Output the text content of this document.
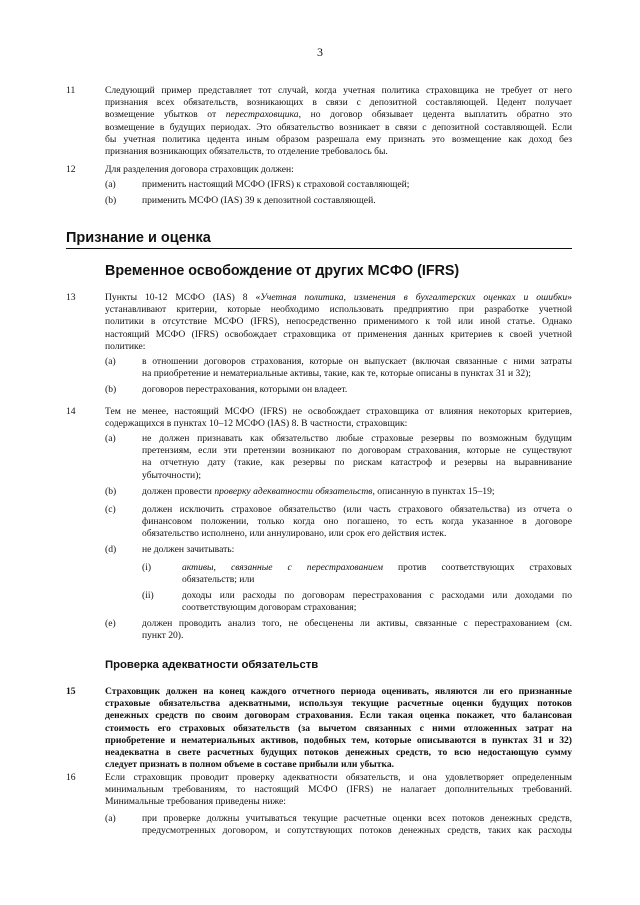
3
11	Следующий пример представляет тот случай, когда учетная политика страховщика не требует от него
признания всех обязательств, возникающих в связи с депозитной составляющей. Цедент получает
возмещение убытков от перестраховщика, но договор обязывает цедента выплатить обратно это
возмещение в будущих периодах. Это обязательство возникает в связи с депозитной составляющей. Если
бы учетная политика цедента иным образом разрешала ему признать это возмещение как доход без
признания возникающих обязательств, то отделение требовалось бы.
12	Для разделения договора страховщик должен:
(а)	применить настоящий МСФО (IFRS) к страховой составляющей;
(b)	применить МСФО (IAS) 39 к депозитной составляющей.
Признание и оценка
Временное освобождение от других МСФО (IFRS)
13	Пункты 10-12 МСФО (IAS) 8 «Учетная политика, изменения в бухгалтерских оценках и ошибки»
устанавливают критерии, которые необходимо использовать предприятию при разработке учетной
политики в отсутствие МСФО (IFRS), непосредственно применимого к той или иной статье. Однако
настоящий МСФО (IFRS) освобождает страховщика от применения данных критериев к своей учетной
политике:
(а)	в отношении договоров страхования, которые он выпускает (включая связанные с ними затраты
на приобретение и нематериальные активы, такие, как те, которые описаны в пунктах 31 и 32);
(b)	договоров перестрахования, которыми он владеет.
14	Тем не менее, настоящий МСФО (IFRS) не освобождает страховщика от влияния некоторых критериев,
содержащихся в пунктах 10–12 МСФО (IAS) 8. В частности, страховщик:
(а)	не должен признавать как обязательство любые страховые резервы по возможным будущим
претензиям, если эти претензии возникают по договорам страхования, которые не существуют
на отчетную дату (такие, как резервы по рискам катастроф и резервы на выравнивание
убыточности);
(b)	должен провести проверку адекватности обязательств, описанную в пунктах 15–19;
(с)	должен исключить страховое обязательство (или часть страхового обязательства) из отчета о
финансовом положении, только когда оно погашено, то есть когда указанное в договоре
обязательство исполнено, или аннулировано, или срок его действия истек.
(d)	не должен зачитывать:
(i)	активы, связанные с перестрахованием против соответствующих страховых
обязательств; или
(ii)	доходы или расходы по договорам перестрахования с расходами или доходами по
соответствующим договорам страхования;
(е)	должен проводить анализ того, не обесценены ли активы, связанные с перестрахованием (см.
пункт 20).
Проверка адекватности обязательств
15	Страховщик должен на конец каждого отчетного периода оценивать, являются ли его признанные
страховые обязательства адекватными, используя текущие расчетные оценки будущих потоков
денежных средств по своим договорам страхования. Если такая оценка покажет, что балансовая
стоимость его страховых обязательств (за вычетом связанных с ними отложенных затрат на
приобретение и нематериальных активов, подобных тем, которые описываются в пунктах 31 и 32)
неадекватна в свете расчетных будущих потоков денежных средств, то всю недостающую сумму
следует признать в полном объеме в составе прибыли или убытка.
16	Если страховщик проводит проверку адекватности обязательств, и она удовлетворяет определенным
минимальным требованиям, то настоящий МСФО (IFRS) не налагает дополнительных требований.
Минимальные требования приведены ниже:
(а)	при проверке должны учитываться текущие расчетные оценки всех потоков денежных средств,
предусмотренных договором, и сопутствующих потоков денежных средств, таких как расходы
